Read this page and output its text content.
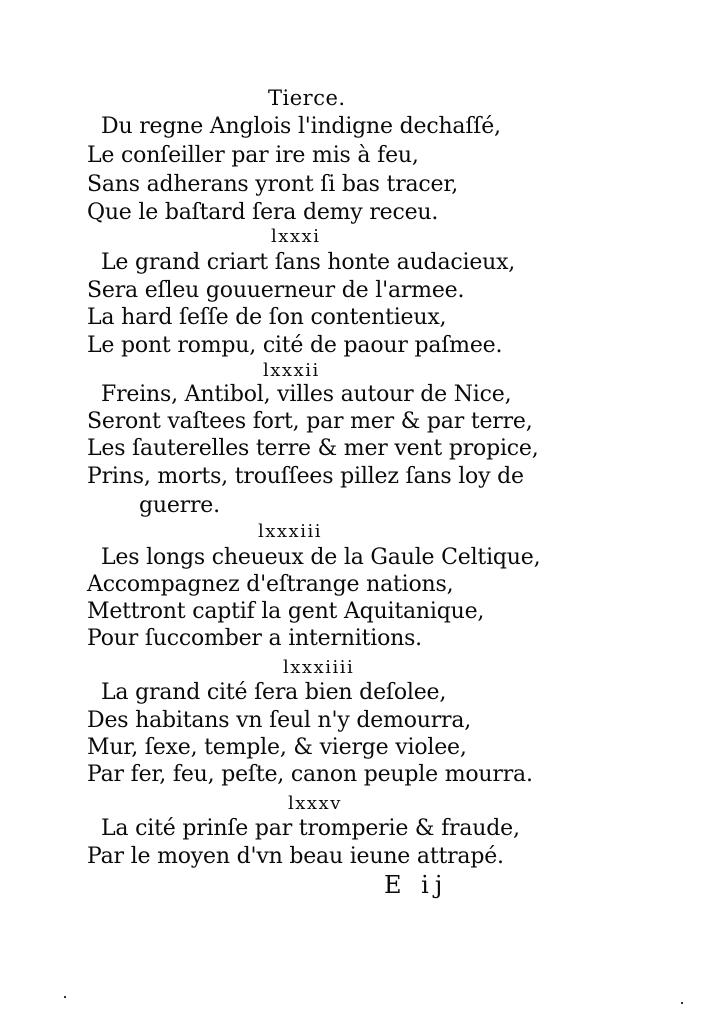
Tierce.
Du regne Anglois l'indigne dechaſſé,
Le conſeiller par ire mis à feu,
Sans adherans yront ſi bas tracer,
Que le baſtard ſera demy receu.
lxxxi
Le grand criart ſans honte audacieux,
Sera eſleu gouuerneur de l'armee.
La hard ſeſſe de ſon contentieux,
Le pont rompu, cité de paour paſmee.
lxxxii
Freins, Antibol, villes autour de Nice,
Seront vaſtees fort, par mer & par terre,
Les ſauterelles terre & mer vent propice,
Prins, morts, trouſſees pillez ſans loy de
guerre.
lxxxiii
Les longs cheueux de la Gaule Celtique,
Accompagnez d'eſtrange nations,
Mettront captif la gent Aquitanique,
Pour ſuccomber a internitions.
lxxxiiii
La grand cité ſera bien deſolee,
Des habitans vn ſeul n'y demourra,
Mur, ſexe, temple, & vierge violee,
Par fer, feu, peſte, canon peuple mourra.
lxxxv
La cité prinſe par tromperie & fraude,
Par le moyen d'vn beau ieune attrapé.
E ij
